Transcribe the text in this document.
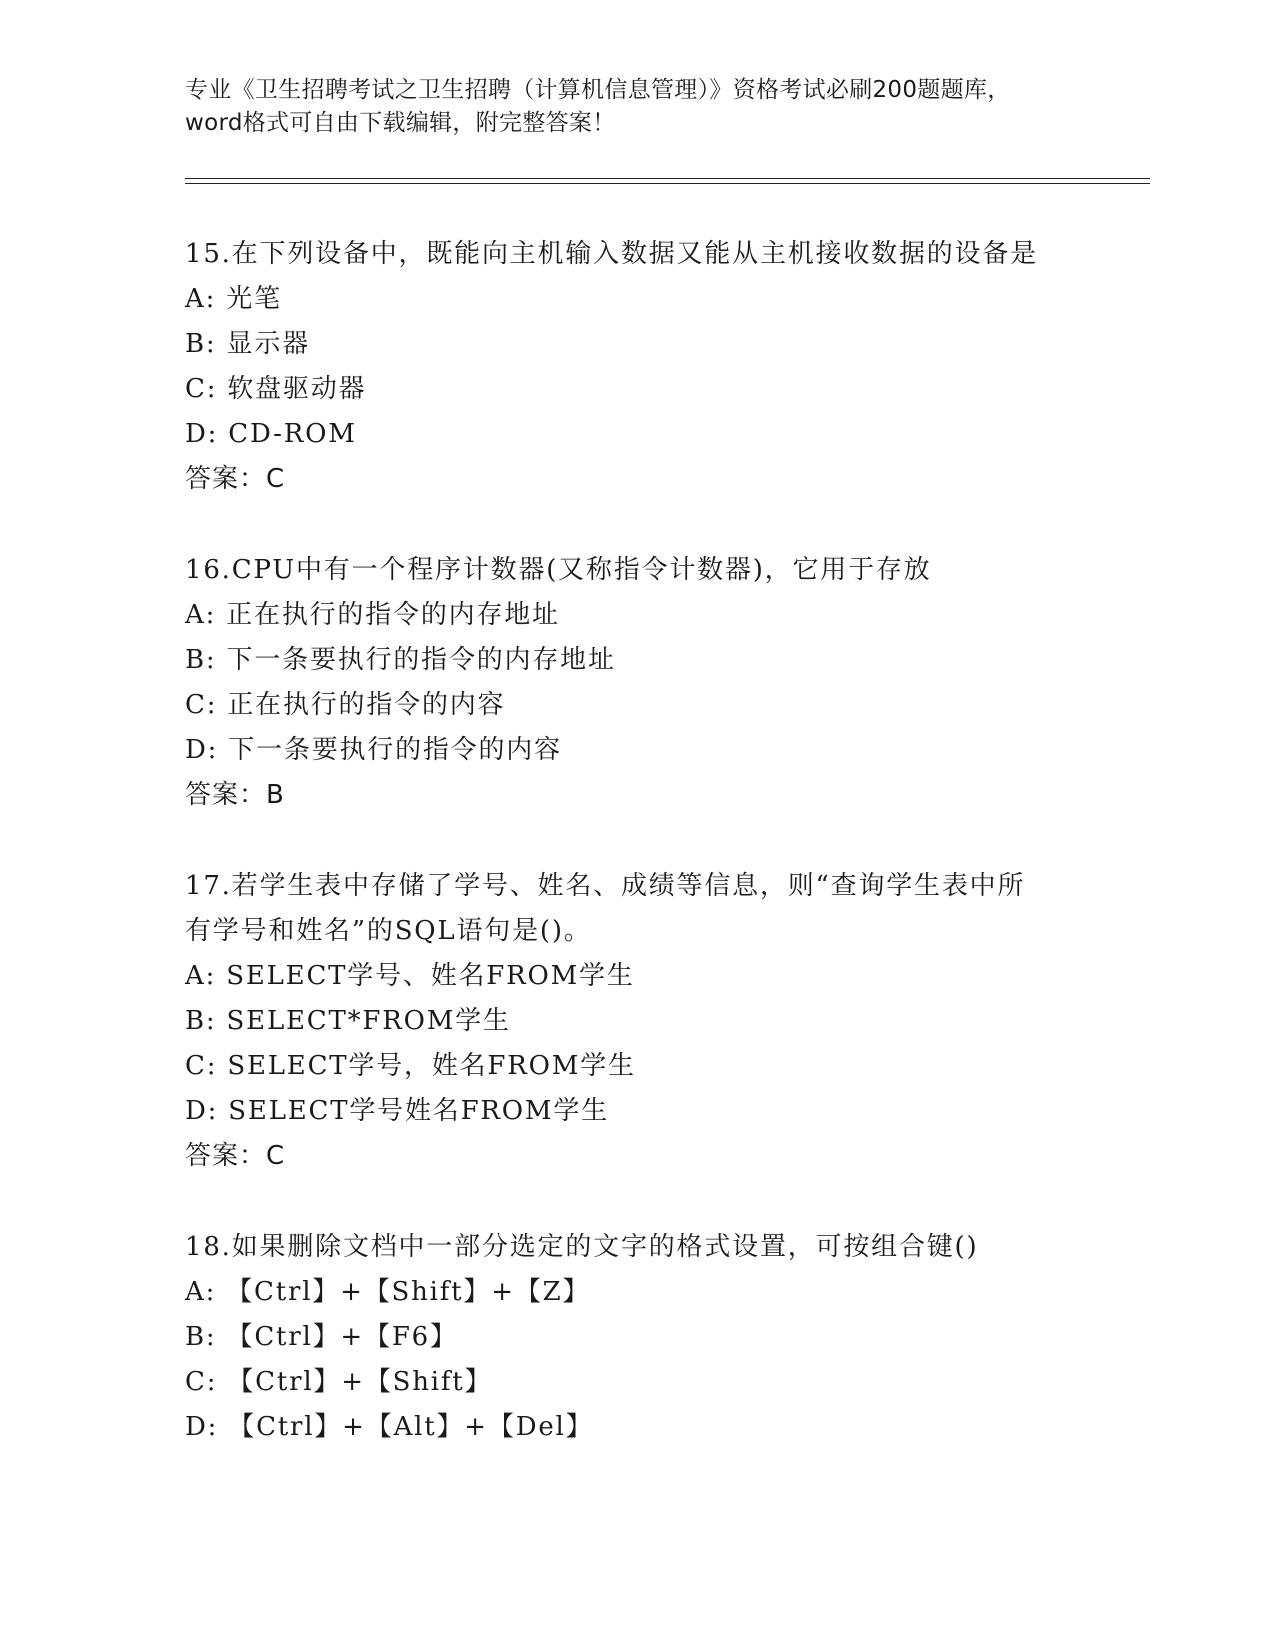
专业《卫生招聘考试之卫生招聘（计算机信息管理）》资格考试必刷200题题库，
word格式可自由下载编辑，附完整答案！
15.在下列设备中，既能向主机输入数据又能从主机接收数据的设备是
A: 光笔
B: 显示器
C: 软盘驱动器
D: CD-ROM
答案：C
16.CPU中有一个程序计数器(又称指令计数器)，它用于存放
A: 正在执行的指令的内存地址
B: 下一条要执行的指令的内存地址
C: 正在执行的指令的内容
D: 下一条要执行的指令的内容
答案：B
17.若学生表中存储了学号、姓名、成绩等信息，则“查询学生表中所
有学号和姓名”的SQL语句是()。
A: SELECT学号、姓名FROM学生
B: SELECT*FROM学生
C: SELECT学号，姓名FROM学生
D: SELECT学号姓名FROM学生
答案：C
18.如果删除文档中一部分选定的文字的格式设置，可按组合键()
A: 【Ctrl】+【Shift】+【Z】
B: 【Ctrl】+【F6】
C: 【Ctrl】+【Shift】
D: 【Ctrl】+【Alt】+【Del】
